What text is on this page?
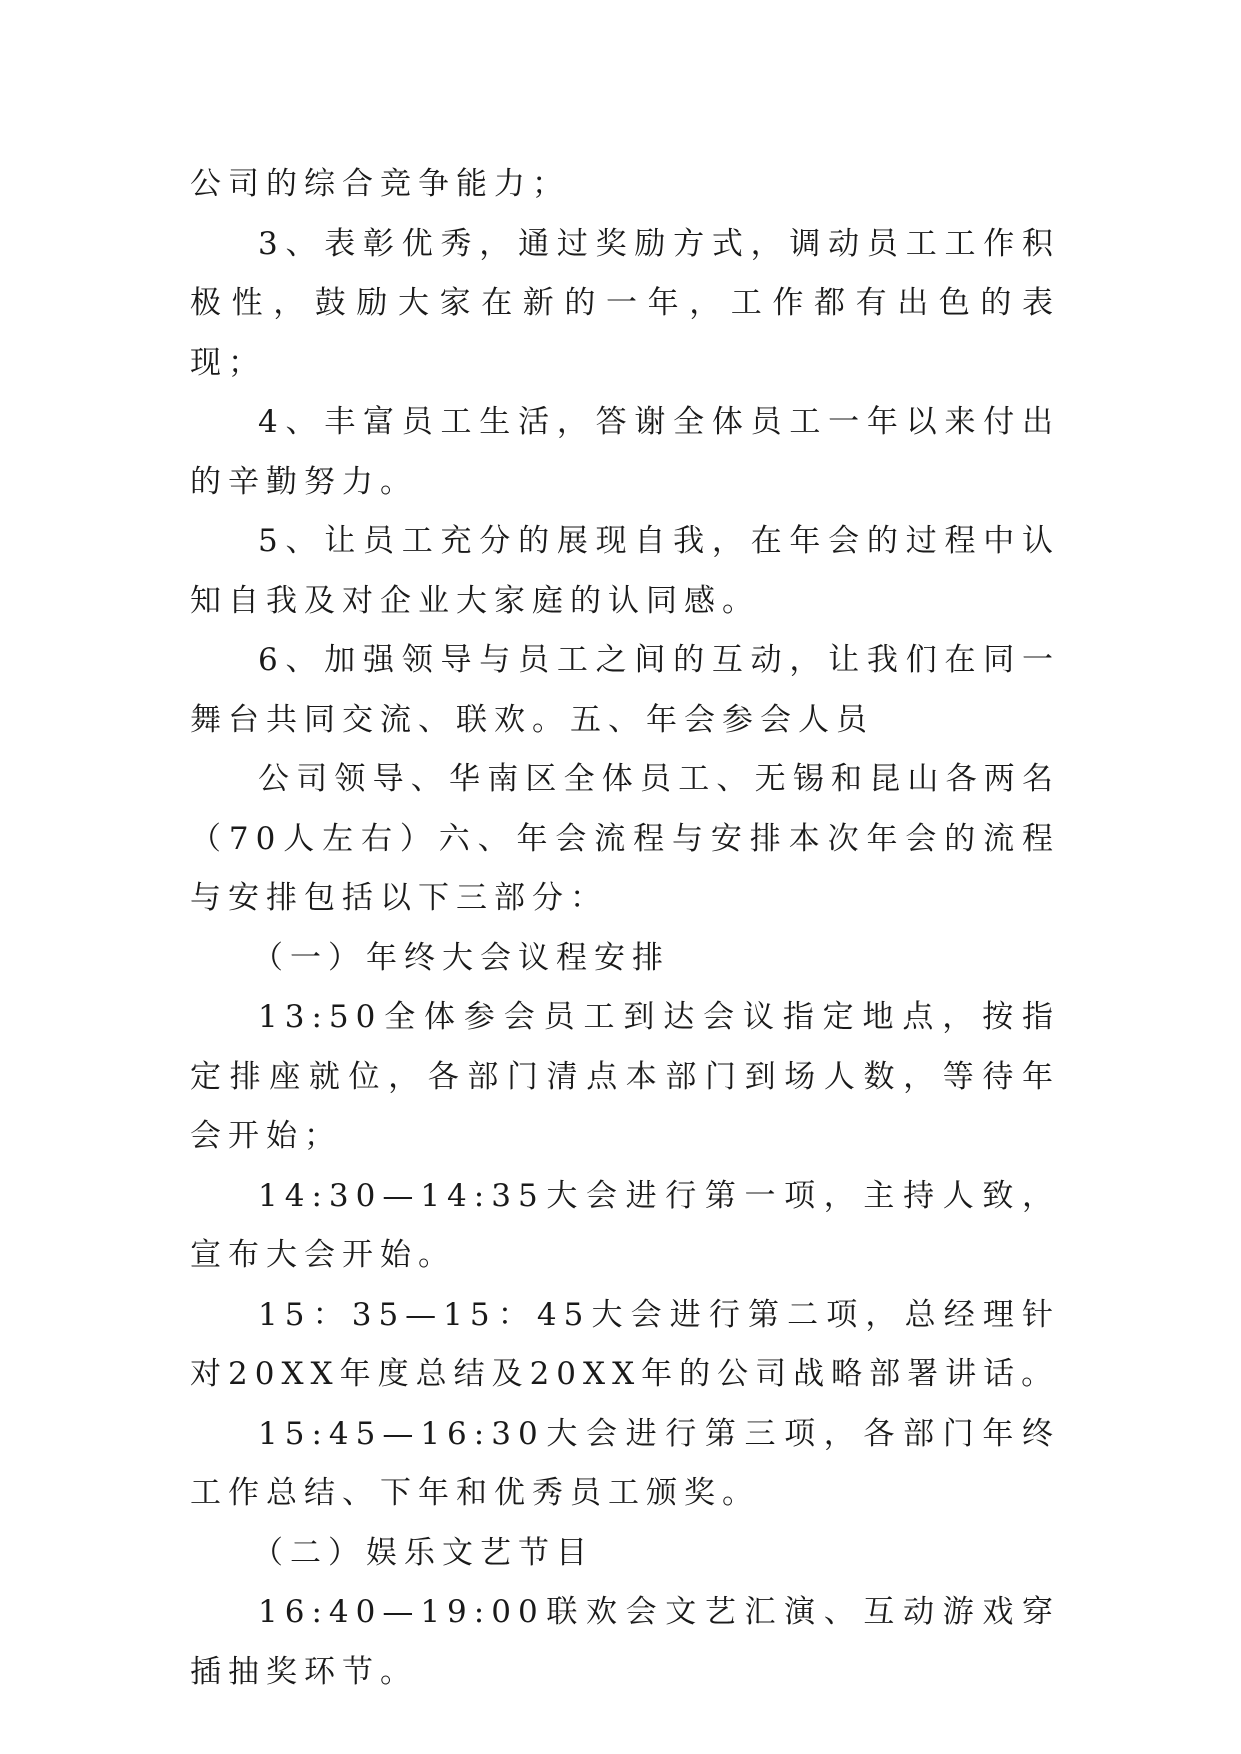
公司的综合竞争能力；

3、表彰优秀，通过奖励方式，调动员工工作积极性，鼓励大家在新的一年，工作都有出色的表现；

4、丰富员工生活，答谢全体员工一年以来付出的辛勤努力。

5、让员工充分的展现自我，在年会的过程中认知自我及对企业大家庭的认同感。

6、加强领导与员工之间的互动，让我们在同一舞台共同交流、联欢。五、年会参会人员

公司领导、华南区全体员工、无锡和昆山各两名（70人左右）六、年会流程与安排本次年会的流程与安排包括以下三部分：

（一）年终大会议程安排

13:50全体参会员工到达会议指定地点，按指定排座就位，各部门清点本部门到场人数，等待年会开始；

14:30—14:35大会进行第一项，主持人致，宣布大会开始。

15：35—15：45大会进行第二项，总经理针对20XX年度总结及20XX年的公司战略部署讲话。

15:45—16:30大会进行第三项，各部门年终工作总结、下年和优秀员工颁奖。

（二）娱乐文艺节目

16:40—19:00联欢会文艺汇演、互动游戏穿插抽奖环节。
